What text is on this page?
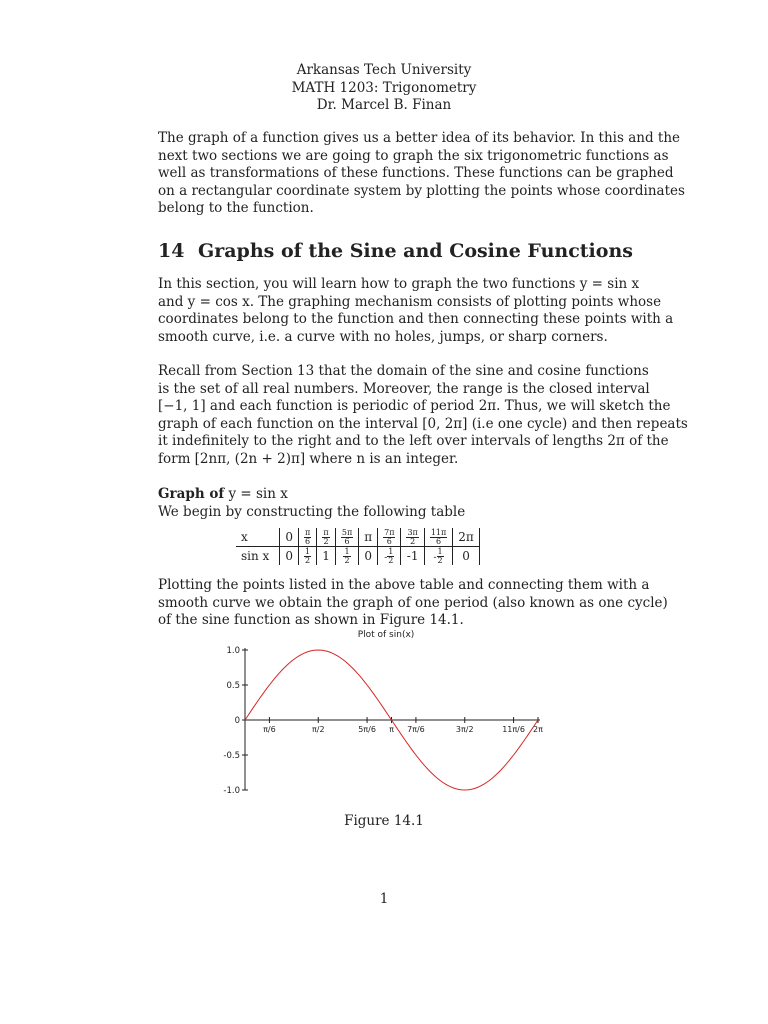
Arkansas Tech University
MATH 1203: Trigonometry
Dr. Marcel B. Finan
The graph of a function gives us a better idea of its behavior. In this and the
next two sections we are going to graph the six trigonometric functions as
well as transformations of these functions. These functions can be graphed
on a rectangular coordinate system by plotting the points whose coordinates
belong to the function.
14 Graphs of the Sine and Cosine Functions
In this section, you will learn how to graph the two functions y = sin x
and y = cos x. The graphing mechanism consists of plotting points whose
coordinates belong to the function and then connecting these points with a
smooth curve, i.e. a curve with no holes, jumps, or sharp corners.
Recall from Section 13 that the domain of the sine and cosine functions
is the set of all real numbers. Moreover, the range is the closed interval
[−1, 1] and each function is periodic of period 2π. Thus, we will sketch the
graph of each function on the interval [0, 2π] (i.e one cycle) and then repeats
it indefinitely to the right and to the left over intervals of lengths 2π of the
form [2nπ, (2n + 2)π] where n is an integer.
Graph of y = sin x
We begin by constructing the following table
x	0	$\frac{\pi}{6}$	$\frac{\pi}{2}$	$\frac{5\pi}{6}$	π	$\frac{7\pi}{6}$	$\frac{3\pi}{2}$	$\frac{11\pi}{6}$	2π
sin x	0	$\frac{1}{2}$	1	$\frac{1}{2}$	0	- $\frac{1}{2}$	-1	- $\frac{1}{2}$	0
Plotting the points listed in the above table and connecting them with a
smooth curve we obtain the graph of one period (also known as one cycle)
of the sine function as shown in Figure 14.1.
Plot of sin(x)
1.0
0.5
0
-0.5
-1.0
π/6	π/2	5π/6 π 7π/6	3π/2	11π/6 2π
Figure 14.1
1
